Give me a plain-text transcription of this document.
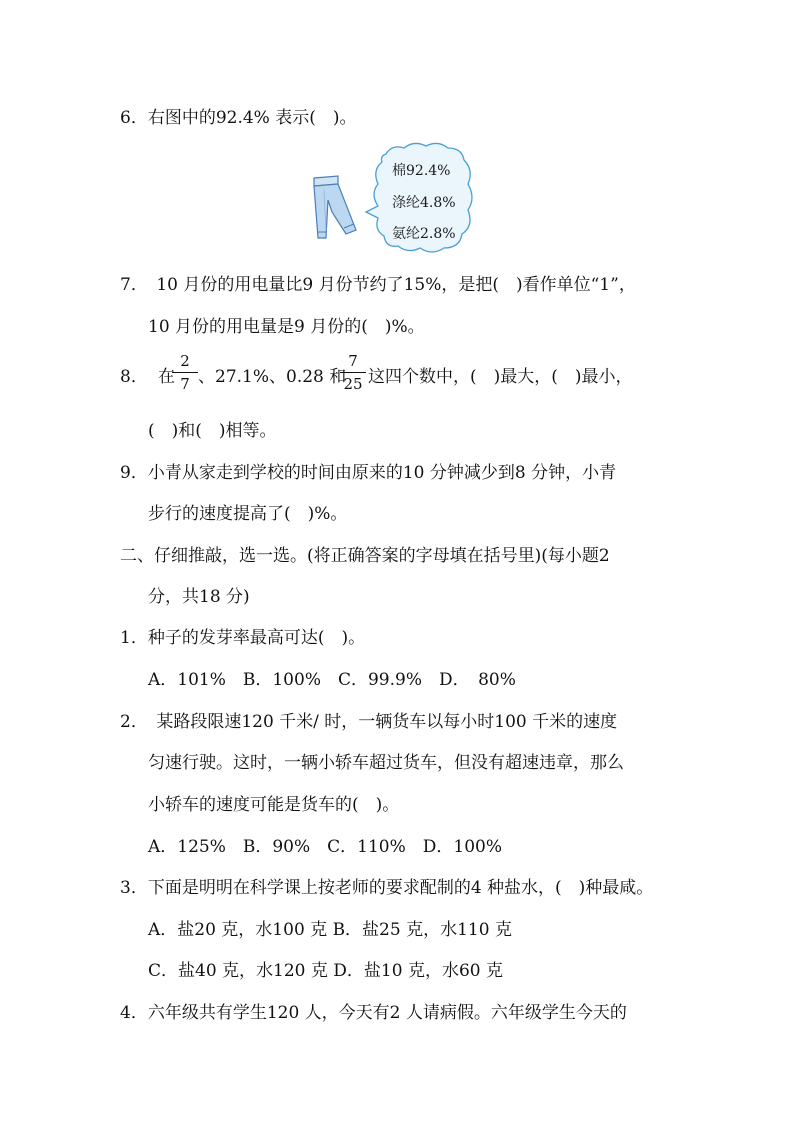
6．右图中的92.4% 表示(　)。
棉92.4%
涤纶4.8%
氨纶2.8%
7．　10 月份的用电量比9 月份节约了15%，是把(　)看作单位“1”，
10 月份的用电量是9 月份的(　)%。
8． 在
2
7 、27.1%、0.28 和
7
25 这四个数中，(　)最大，(　)最小，
(　)和(　)相等。
9．小青从家走到学校的时间由原来的10 分钟减少到8 分钟，小青
步行的速度提高了(　)%。
二、仔细推敲，选一选。(将正确答案的字母填在括号里)(每小题2
分，共18 分)
1．种子的发芽率最高可达(　)。
A．101%　B．100%　C．99.9%　D．　80%
2．　某路段限速120 千米/ 时，一辆货车以每小时100 千米的速度
匀速行驶。这时，一辆小轿车超过货车，但没有超速违章，那么
小轿车的速度可能是货车的(　)。
A．125%　B．90%　C．110%　D．100%
3．下面是明明在科学课上按老师的要求配制的4 种盐水，(　)种最咸。
A．盐20 克，水100 克 B．盐25 克，水110 克
C．盐40 克，水120 克 D．盐10 克，水60 克
4．六年级共有学生120 人，今天有2 人请病假。六年级学生今天的
